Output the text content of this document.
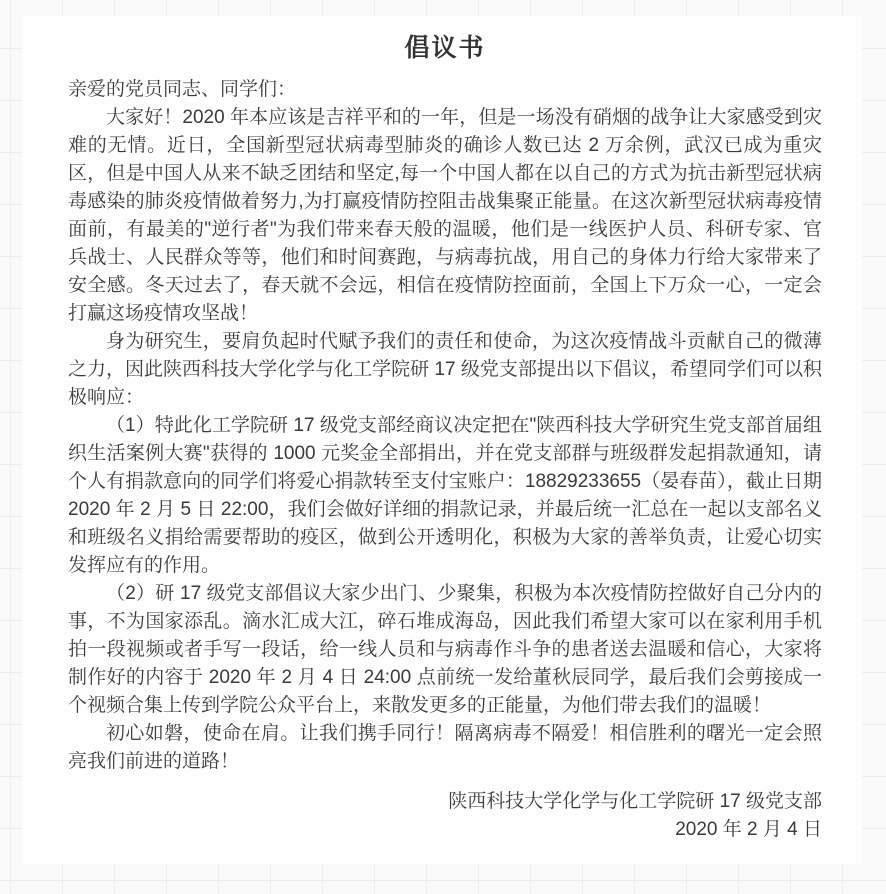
倡议书

亲爱的党员同志、同学们：

大家好！2020 年本应该是吉祥平和的一年，但是一场没有硝烟的战争让大家感受到灾难的无情。近日，全国新型冠状病毒型肺炎的确诊人数已达 2 万余例，武汉已成为重灾区，但是中国人从来不缺乏团结和坚定,每一个中国人都在以自己的方式为抗击新型冠状病毒感染的肺炎疫情做着努力,为打赢疫情防控阻击战集聚正能量。在这次新型冠状病毒疫情面前，有最美的"逆行者"为我们带来春天般的温暖，他们是一线医护人员、科研专家、官兵战士、人民群众等等，他们和时间赛跑，与病毒抗战，用自己的身体力行给大家带来了安全感。冬天过去了，春天就不会远，相信在疫情防控面前，全国上下万众一心，一定会打赢这场疫情攻坚战！

身为研究生，要肩负起时代赋予我们的责任和使命，为这次疫情战斗贡献自己的微薄之力，因此陕西科技大学化学与化工学院研 17 级党支部提出以下倡议，希望同学们可以积极响应：

（1）特此化工学院研 17 级党支部经商议决定把在"陕西科技大学研究生党支部首届组织生活案例大赛"获得的 1000 元奖金全部捐出，并在党支部群与班级群发起捐款通知，请个人有捐款意向的同学们将爱心捐款转至支付宝账户：18829233655（晏春苗），截止日期 2020 年 2 月 5 日 22:00，我们会做好详细的捐款记录，并最后统一汇总在一起以支部名义和班级名义捐给需要帮助的疫区，做到公开透明化，积极为大家的善举负责，让爱心切实发挥应有的作用。

（2）研 17 级党支部倡议大家少出门、少聚集，积极为本次疫情防控做好自己分内的事，不为国家添乱。滴水汇成大江，碎石堆成海岛，因此我们希望大家可以在家利用手机拍一段视频或者手写一段话，给一线人员和与病毒作斗争的患者送去温暖和信心，大家将制作好的内容于 2020 年 2 月 4 日 24:00 点前统一发给董秋辰同学，最后我们会剪接成一个视频合集上传到学院公众平台上，来散发更多的正能量，为他们带去我们的温暖！

初心如磐，使命在肩。让我们携手同行！隔离病毒不隔爱！相信胜利的曙光一定会照亮我们前进的道路！

陕西科技大学化学与化工学院研 17 级党支部

2020 年 2 月 4 日
